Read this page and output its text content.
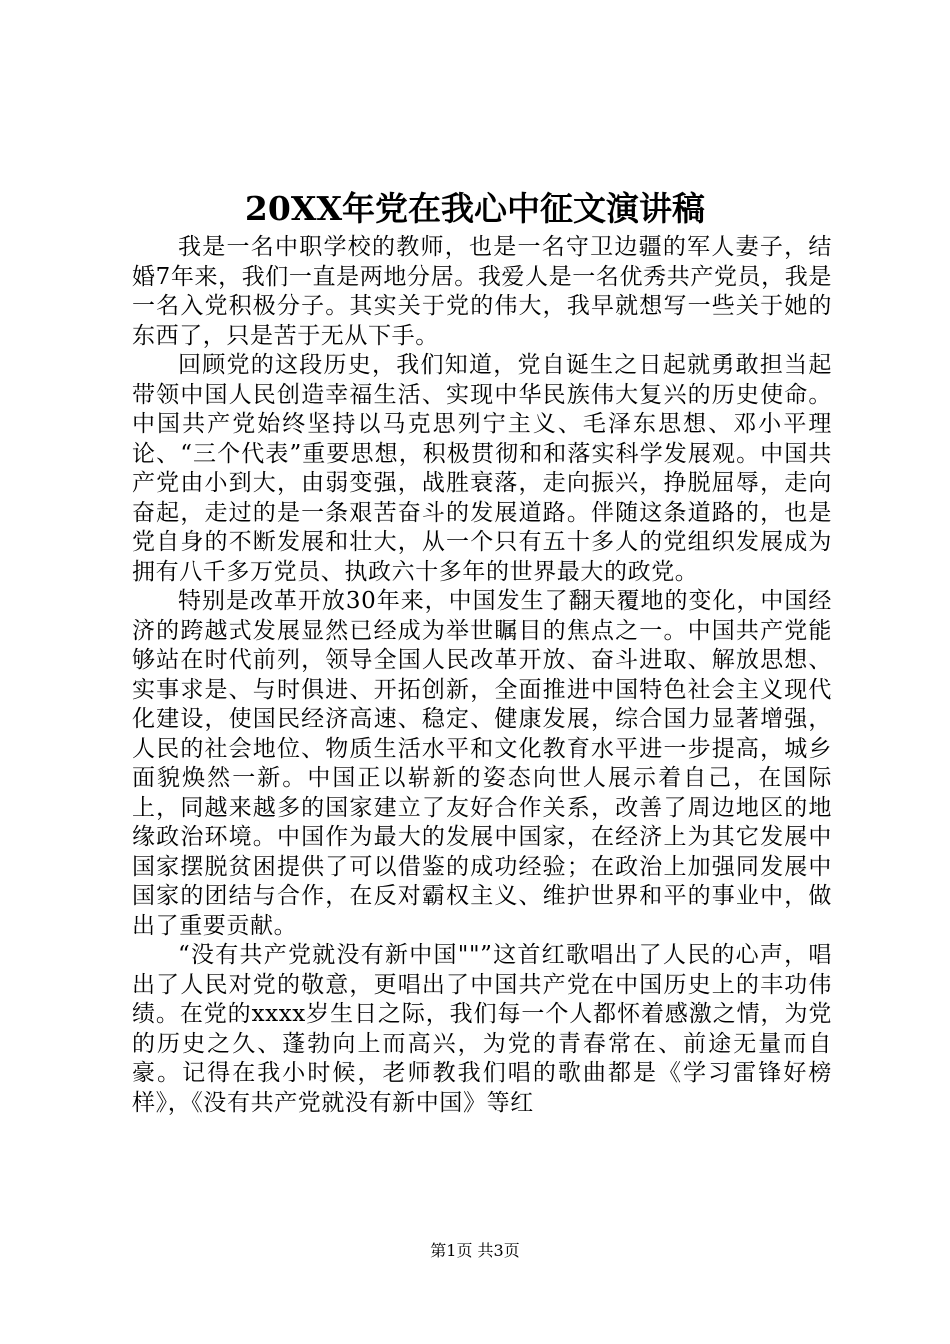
20XX年党在我心中征文演讲稿

我是一名中职学校的教师，也是一名守卫边疆的军人妻子，结婚7年来，我们一直是两地分居。我爱人是一名优秀共产党员，我是一名入党积极分子。其实关于党的伟大，我早就想写一些关于她的东西了，只是苦于无从下手。

回顾党的这段历史，我们知道，党自诞生之日起就勇敢担当起带领中国人民创造幸福生活、实现中华民族伟大复兴的历史使命。中国共产党始终坚持以马克思列宁主义、毛泽东思想、邓小平理论、“三个代表”重要思想，积极贯彻和和落实科学发展观。中国共产党由小到大，由弱变强，战胜衰落，走向振兴，挣脱屈辱，走向奋起，走过的是一条艰苦奋斗的发展道路。伴随这条道路的，也是党自身的不断发展和壮大，从一个只有五十多人的党组织发展成为拥有八千多万党员、执政六十多年的世界最大的政党。

特别是改革开放30年来，中国发生了翻天覆地的变化，中国经济的跨越式发展显然已经成为举世瞩目的焦点之一。中国共产党能够站在时代前列，领导全国人民改革开放、奋斗进取、解放思想、实事求是、与时俱进、开拓创新，全面推进中国特色社会主义现代化建设，使国民经济高速、稳定、健康发展，综合国力显著增强，人民的社会地位、物质生活水平和文化教育水平进一步提高，城乡面貌焕然一新。中国正以崭新的姿态向世人展示着自己，在国际上，同越来越多的国家建立了友好合作关系，改善了周边地区的地缘政治环境。中国作为最大的发展中国家，在经济上为其它发展中国家摆脱贫困提供了可以借鉴的成功经验；在政治上加强同发展中国家的团结与合作，在反对霸权主义、维护世界和平的事业中，做出了重要贡献。

“没有共产党就没有新中国""”这首红歌唱出了人民的心声，唱出了人民对党的敬意，更唱出了中国共产党在中国历史上的丰功伟绩。在党的xxxx岁生日之际，我们每一个人都怀着感激之情，为党的历史之久、蓬勃向上而高兴，为党的青春常在、前途无量而自豪。记得在我小时候，老师教我们唱的歌曲都是《学习雷锋好榜样》，《没有共产党就没有新中国》等红

第1页 共3页
